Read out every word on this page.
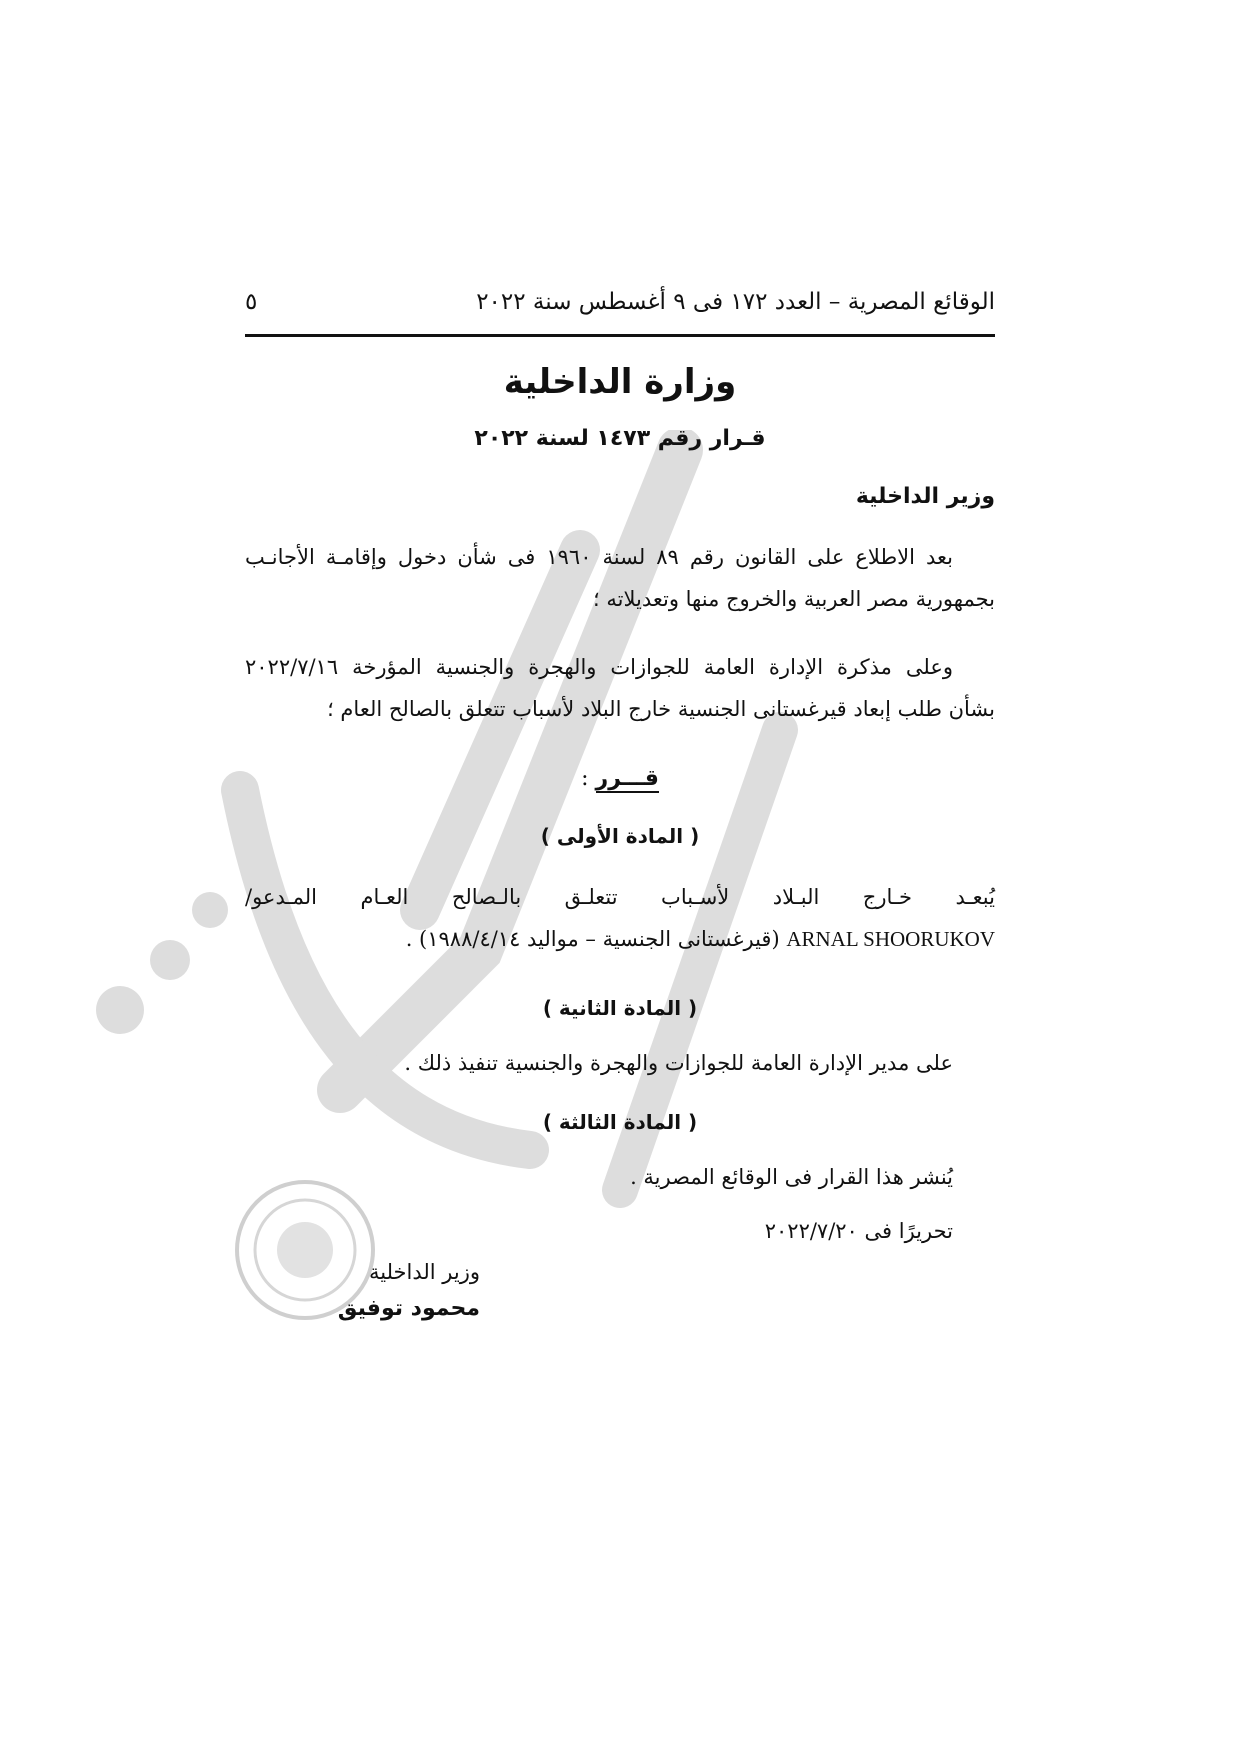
الوقائع المصرية – العدد ١٧٢ فى ٩ أغسطس سنة ٢٠٢٢
٥
وزارة الداخلية
قـرار رقم ١٤٧٣ لسنة ٢٠٢٢
وزير الداخلية
بعد الاطلاع على القانون رقم ٨٩ لسنة ١٩٦٠ فى شأن دخول وإقامـة الأجانـب
بجمهورية مصر العربية والخروج منها وتعديلاته ؛
وعلى مذكرة الإدارة العامة للجوازات والهجرة والجنسية المؤرخة ٢٠٢٢/٧/١٦
بشأن طلب إبعاد قيرغستانى الجنسية خارج البلاد لأسباب تتعلق بالصالح العام ؛
قـــرر :
( المادة الأولى )
يُبعـد خـارج البـلاد لأسـباب تتعلـق بالـصالح العـام المـدعو/
ARNAL SHOORUKOV (قيرغستانى الجنسية – مواليد ١٩٨٨/٤/١٤) .
( المادة الثانية )
على مدير الإدارة العامة للجوازات والهجرة والجنسية تنفيذ ذلك .
( المادة الثالثة )
يُنشر هذا القرار فى الوقائع المصرية .
تحريرًا فى ٢٠٢٢/٧/٢٠
وزير الداخلية
محمود توفيق
